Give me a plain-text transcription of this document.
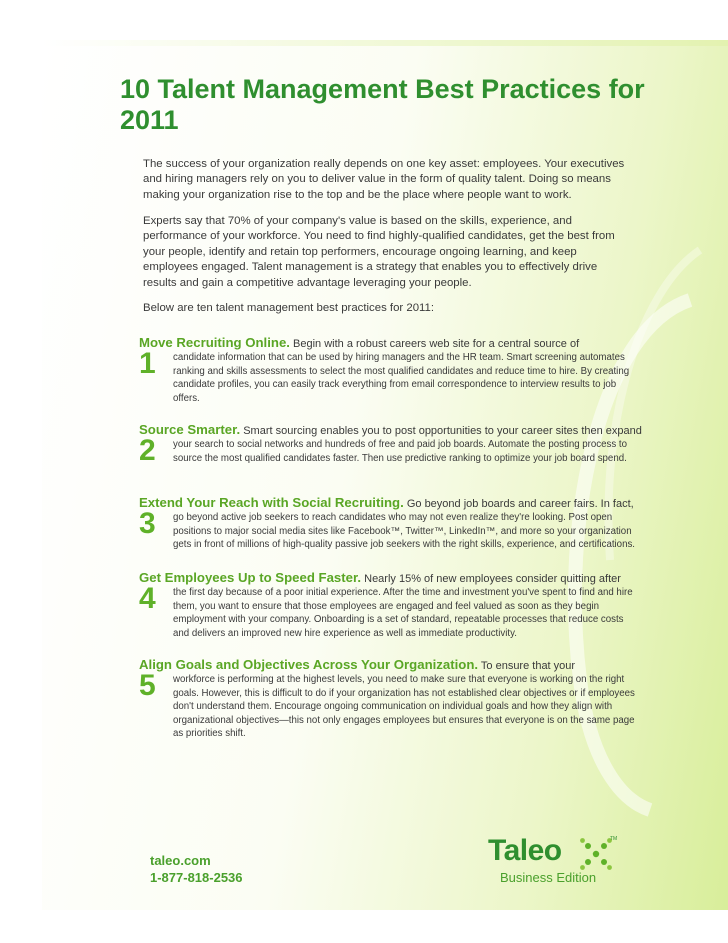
10 Talent Management Best Practices for 2011

The success of your organization really depends on one key asset: employees. Your executives and hiring managers rely on you to deliver value in the form of quality talent. Doing so means making your organization rise to the top and be the place where people want to work.

Experts say that 70% of your company's value is based on the skills, experience, and performance of your workforce. You need to find highly-qualified candidates, get the best from your people, identify and retain top performers, encourage ongoing learning, and keep employees engaged. Talent management is a strategy that enables you to effectively drive results and gain a competitive advantage leveraging your people.

Below are ten talent management best practices for 2011:

Move Recruiting Online. Begin with a robust careers web site for a central source of
1 candidate information that can be used by hiring managers and the HR team. Smart screening automates ranking and skills assessments to select the most qualified candidates and reduce time to hire. By creating candidate profiles, you can easily track everything from email correspondence to interview results to job offers.

Source Smarter. Smart sourcing enables you to post opportunities to your career sites then expand
2 your search to social networks and hundreds of free and paid job boards. Automate the posting process to source the most qualified candidates faster. Then use predictive ranking to optimize your job board spend.

Extend Your Reach with Social Recruiting. Go beyond job boards and career fairs. In fact,
3 go beyond active job seekers to reach candidates who may not even realize they're looking. Post open positions to major social media sites like Facebook™, Twitter™, LinkedIn™, and more so your organization gets in front of millions of high-quality passive job seekers with the right skills, experience, and certifications.

Get Employees Up to Speed Faster. Nearly 15% of new employees consider quitting after
4 the first day because of a poor initial experience. After the time and investment you've spent to find and hire them, you want to ensure that those employees are engaged and feel valued as soon as they begin employment with your company. Onboarding is a set of standard, repeatable processes that reduce costs and delivers an improved new hire experience as well as immediate productivity.

Align Goals and Objectives Across Your Organization. To ensure that your
5 workforce is performing at the highest levels, you need to make sure that everyone is working on the right goals. However, this is difficult to do if your organization has not established clear objectives or if employees don't understand them. Encourage ongoing communication on individual goals and how they align with organizational objectives—this not only engages employees but ensures that everyone is on the same page as priorities shift.

taleo.com
1-877-818-2536
Taleo	TM
Business Edition
